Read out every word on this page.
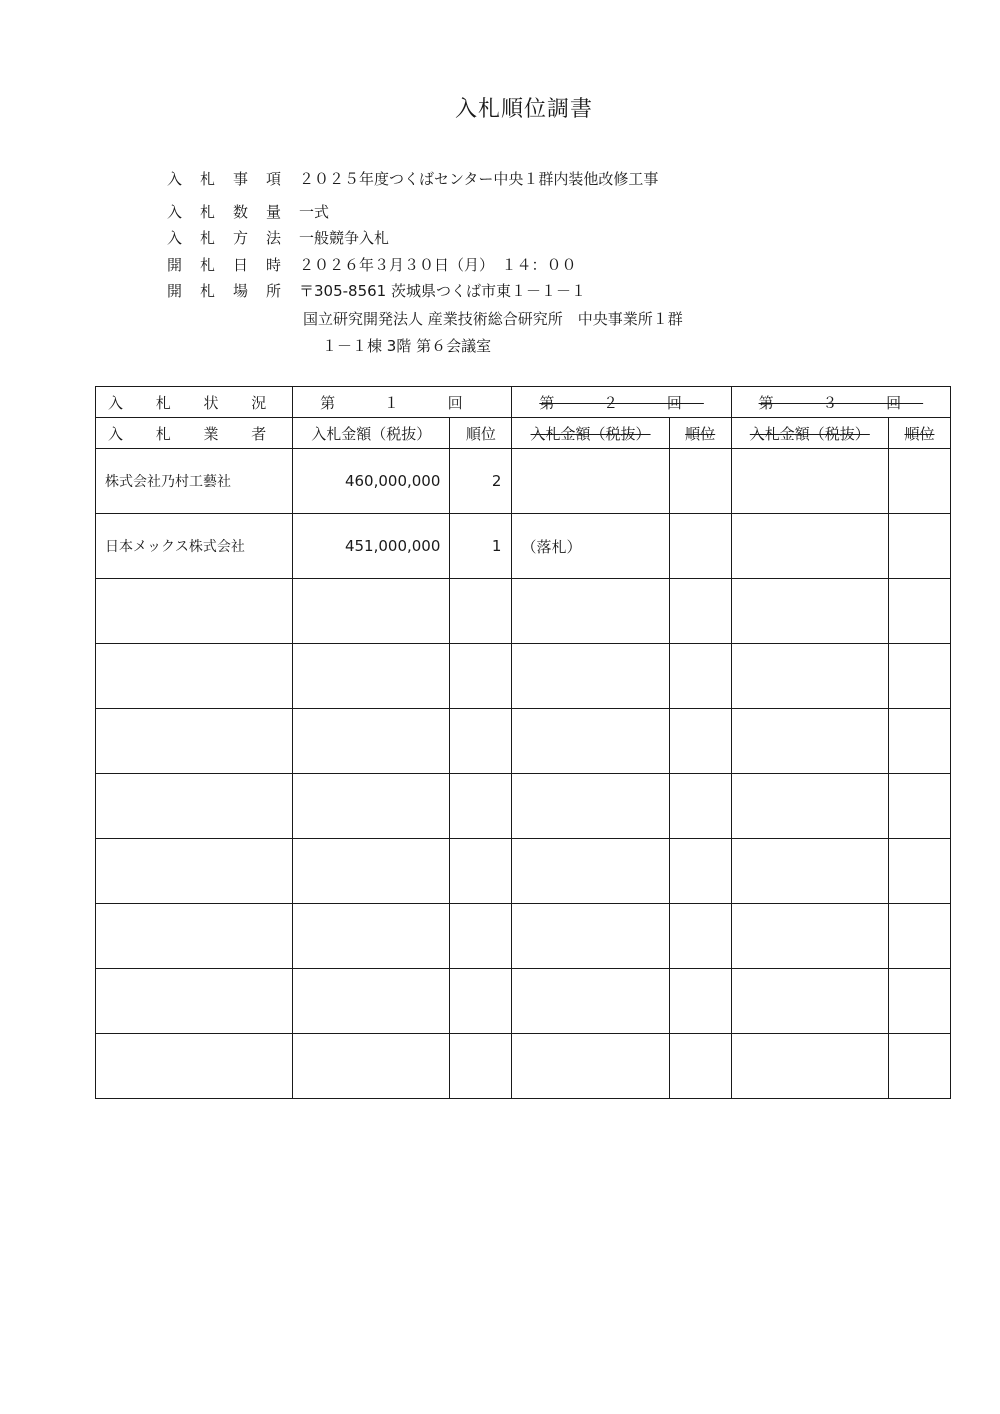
入札順位調書
入 札 事 項	２０２５年度つくばセンター中央１群内装他改修工事
入 札 数 量	一式
入 札 方 法	一般競争入札
開 札 日 時	２０２６年３月３０日（月）　１４：００
開 札 場 所	〒305-8561 茨城県つくば市東１－１－１
国立研究開発法人 産業技術総合研究所　中央事業所１群
１－１棟 3階 第６会議室
入 札 状 況	第 １ 回		第 ２ 回		第 ３ 回	
入 札 業 者	入札金額（税抜）	順位	入札金額（税抜）	順位	入札金額（税抜）	順位
株式会社乃村工藝社	460,000,000	2				
日本メックス株式会社	451,000,000	1	（落札）			
